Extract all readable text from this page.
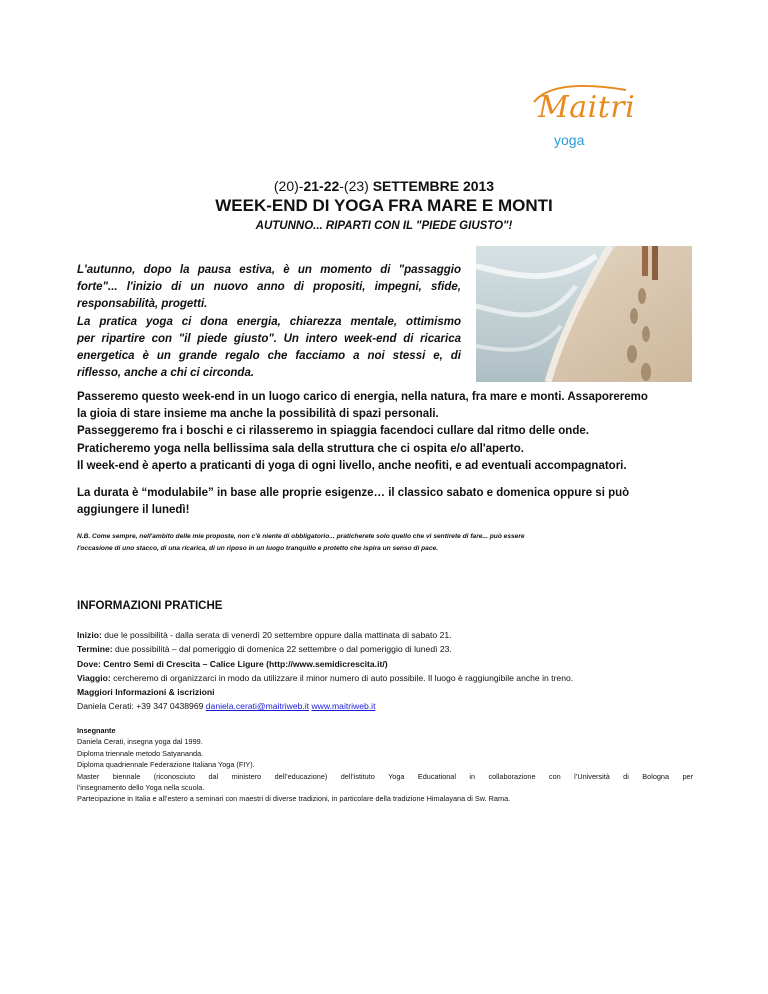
Maitri
yoga
(20)-21-22-(23) SETTEMBRE 2013
WEEK-END DI YOGA FRA MARE E MONTI
AUTUNNO... RIPARTI CON IL "PIEDE GIUSTO"!
L'autunno, dopo la pausa estiva, è un momento di "passaggio
forte"... l'inizio di un nuovo anno di propositi, impegni, sfide,
responsabilità, progetti.
La pratica yoga ci dona energia, chiarezza mentale, ottimismo
per ripartire con "il piede giusto". Un intero week-end di ricarica
energetica è un grande regalo che facciamo a noi stessi e, di
riflesso, anche a chi ci circonda.
Passeremo questo week-end in un luogo carico di energia, nella natura, fra mare e monti. Assaporeremo
la gioia di stare insieme ma anche la possibilità di spazi personali.
Passeggeremo fra i boschi e ci rilasseremo in spiaggia facendoci cullare dal ritmo delle onde.
Praticheremo yoga nella bellissima sala della struttura che ci ospita e/o all'aperto.
Il week-end è aperto a praticanti di yoga di ogni livello, anche neofiti, e ad eventuali accompagnatori.
La durata è “modulabile” in base alle proprie esigenze… il classico sabato e domenica oppure si può
aggiungere il lunedì!
N.B. Come sempre, nell'ambito delle mie proposte, non c'è niente di obbligatorio... praticherete solo quello che vi sentirete di fare... può essere
l'occasione di uno stacco, di una ricarica, di un riposo in un luogo tranquillo e protetto che ispira un senso di pace.
INFORMAZIONI PRATICHE
Inizio: due le possibilità - dalla serata di venerdì 20 settembre oppure dalla mattinata di sabato 21.
Termine: due possibilità – dal pomeriggio di domenica 22 settembre o dal pomeriggio di lunedì 23.
Dove: Centro Semi di Crescita – Calice Ligure (http://www.semidicrescita.it/)
Viaggio: cercheremo di organizzarci in modo da utilizzare il minor numero di auto possibile. Il luogo è raggiungibile anche in treno.
Maggiori Informazioni & iscrizioni
Daniela Cerati: +39 347 0438969 daniela.cerati@maitriweb.it www.maitriweb.it
Insegnante
Daniela Cerati, insegna yoga dal 1999.
Diploma triennale metodo Satyananda.
Diploma quadriennale Federazione Italiana Yoga (FIY).
Master biennale (riconosciuto dal ministero dell’educazione) dell’istituto Yoga Educational in collaborazione con l’Università di Bologna per
l’insegnamento dello Yoga nella scuola.
Partecipazione in Italia e all’estero a seminari con maestri di diverse tradizioni, in particolare della tradizione Himalayana di Sw. Rama.
